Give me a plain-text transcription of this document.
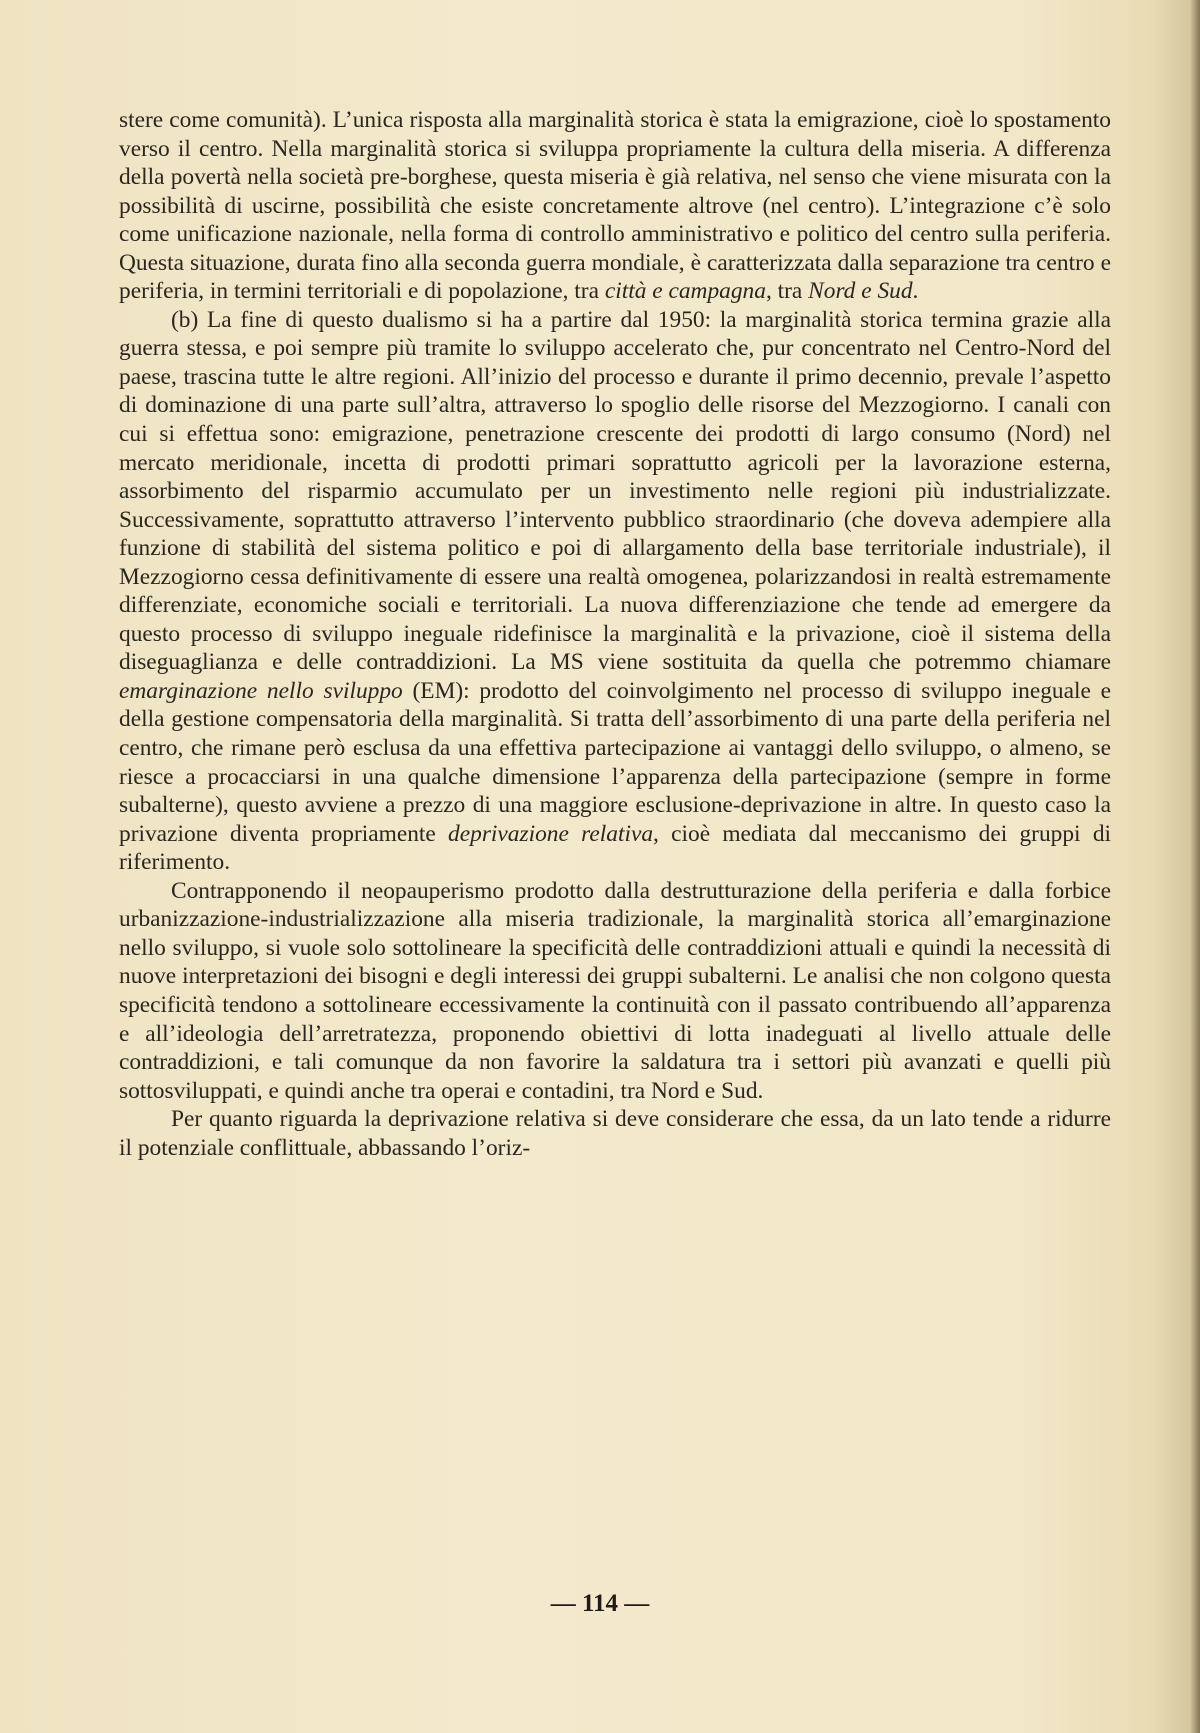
stere come comunità). L’unica risposta alla marginalità storica è stata la emigrazione, cioè lo spostamento verso il centro. Nella marginalità storica si sviluppa propriamente la cultura della miseria. A differenza della povertà nella società pre-borghese, questa miseria è già relativa, nel senso che viene misurata con la possibilità di uscirne, possibilità che esiste concretamente altrove (nel centro). L’integrazione c’è solo come unificazione nazionale, nella forma di controllo amministrativo e politico del centro sulla periferia. Questa situazione, durata fino alla seconda guerra mondiale, è caratterizzata dalla separazione tra centro e periferia, in termini territoriali e di popolazione, tra città e campagna, tra Nord e Sud.

(b) La fine di questo dualismo si ha a partire dal 1950: la marginalità storica termina grazie alla guerra stessa, e poi sempre più tramite lo sviluppo accelerato che, pur concentrato nel Centro-Nord del paese, trascina tutte le altre regioni. All’inizio del processo e durante il primo decennio, prevale l’aspetto di dominazione di una parte sull’altra, attraverso lo spoglio delle risorse del Mezzogiorno. I canali con cui si effettua sono: emigrazione, penetrazione crescente dei prodotti di largo consumo (Nord) nel mercato meridionale, incetta di prodotti primari soprattutto agricoli per la lavorazione esterna, assorbimento del risparmio accumulato per un investimento nelle regioni più industrializzate. Successivamente, soprattutto attraverso l’intervento pubblico straordinario (che doveva adempiere alla funzione di stabilità del sistema politico e poi di allargamento della base territoriale industriale), il Mezzogiorno cessa definitivamente di essere una realtà omogenea, polarizzandosi in realtà estremamente differenziate, economiche sociali e territoriali. La nuova differenziazione che tende ad emergere da questo processo di sviluppo ineguale ridefinisce la marginalità e la privazione, cioè il sistema della diseguaglianza e delle contraddizioni. La MS viene sostituita da quella che potremmo chiamare emarginazione nello sviluppo (EM): prodotto del coinvolgimento nel processo di sviluppo ineguale e della gestione compensatoria della marginalità. Si tratta dell’assorbimento di una parte della periferia nel centro, che rimane però esclusa da una effettiva partecipazione ai vantaggi dello sviluppo, o almeno, se riesce a procacciarsi in una qualche dimensione l’apparenza della partecipazione (sempre in forme subalterne), questo avviene a prezzo di una maggiore esclusione-deprivazione in altre. In questo caso la privazione diventa propriamente deprivazione relativa, cioè mediata dal meccanismo dei gruppi di riferimento.

Contrapponendo il neopauperismo prodotto dalla destrutturazione della periferia e dalla forbice urbanizzazione-industrializzazione alla miseria tradizionale, la marginalità storica all’emarginazione nello sviluppo, si vuole solo sottolineare la specificità delle contraddizioni attuali e quindi la necessità di nuove interpretazioni dei bisogni e degli interessi dei gruppi subalterni. Le analisi che non colgono questa specificità tendono a sottolineare eccessivamente la continuità con il passato contribuendo all’apparenza e all’ideologia dell’arretratezza, proponendo obiettivi di lotta inadeguati al livello attuale delle contraddizioni, e tali comunque da non favorire la saldatura tra i settori più avanzati e quelli più sottosviluppati, e quindi anche tra operai e contadini, tra Nord e Sud.

Per quanto riguarda la deprivazione relativa si deve considerare che essa, da un lato tende a ridurre il potenziale conflittuale, abbassando l’oriz-

— 114 —
